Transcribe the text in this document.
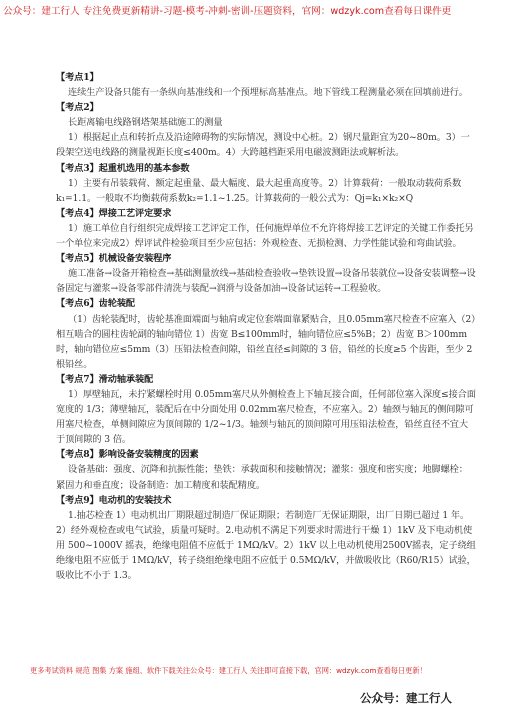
公众号：建工行人 专注免费更新精讲-习题-模考-冲刺-密训-压题资料，官网：wdzyk.com查看每日课件更
【考点1】
连续生产设备只能有一条纵向基准线和一个预埋标高基准点。地下管线工程测量必须在回填前进行。
【考点2】
长距离输电线路钢塔架基础施工的测量
1）根据起止点和转折点及沿途障碍物的实际情况，测设中心桩。2）钢尺量距宜为20~80m。3）一段架空送电线路的测量视距长度≤400m。4）大跨越档距采用电磁波测距法或解析法。
【考点3】起重机选用的基本参数
1）主要有吊装载荷、额定起重量、最大幅度、最大起重高度等。2）计算载荷：一般取动载荷系数k₁=1.1。一般取不均衡载荷系数k₂=1.1~1.25。计算载荷的一般公式为：Qj=k₁×k₂×Q
【考点4】焊接工艺评定要求
1）施工单位自行组织完成焊接工艺评定工作，任何施焊单位不允许将焊接工艺评定的关键工作委托另一个单位来完成2）焊评试件检验项目至少应包括：外观检查、无损检测、力学性能试验和弯曲试验。
【考点5】机械设备安装程序
施工准备→设备开箱检查→基础测量放线→基础检查验收→垫铁设置→设备吊装就位→设备安装调整→设备固定与灌浆→设备零部件清洗与装配→润滑与设备加油→设备试运转→工程验收。
【考点6】齿轮装配
（1）齿轮装配时，齿轮基准面端面与轴肩或定位套端面靠紧贴合，且0.05mm塞尺检查不应塞入（2）相互啮合的圆柱齿轮副的轴向错位 1）齿宽 B≤100mm时，轴向错位应≤5%B；2）齿宽 B＞100mm时，轴向错位应≤5mm（3）压铅法检查间隙，铅丝直径≤间隙的 3 倍，铅丝的长度≥5 个齿距，至少 2 根铅丝。
【考点7】滑动轴承装配
1）厚壁轴瓦，未拧紧螺栓时用 0.05mm塞尺从外侧检查上下轴瓦接合面，任何部位塞入深度≤接合面宽度的 1/3；薄壁轴瓦，装配后在中分面处用 0.02mm塞尺检查，不应塞入。2）轴颈与轴瓦的侧间隙可用塞尺检查，单侧间隙应为顶间隙的 1/2~1/3。轴颈与轴瓦的顶间隙可用压铅法检查，铅丝直径不宜大于顶间隙的 3 倍。
【考点8】影响设备安装精度的因素
设备基础：强度、沉降和抗振性能；垫铁：承载面积和接触情况；灌浆：强度和密实度；地脚螺栓：紧固力和垂直度；设备制造：加工精度和装配精度。
【考点9】电动机的安装技术
1.抽芯检查 1）电动机出厂期限超过制造厂保证期限；若制造厂无保证期限，出厂日期已超过 1 年。2）经外观检查或电气试验，质量可疑时。2.电动机不满足下列要求时需进行干燥 1）1kV 及下电动机使用 500~1000V 摇表，绝缘电阻值不应低于 1MΩ/kV。2）1kV 以上电动机使用2500V摇表，定子绕组绝缘电阻不应低于 1MΩ/kV，转子绕组绝缘电阻不应低于 0.5MΩ/kV，并做吸收比（R60/R15）试验，吸收比不小于 1.3。
更多考试资料 规范 图集 方案 施组、软件下载关注公众号：建工行人 关注即可直接下载，官网：wdzyk.com查看每日更新！
公众号：建工行人
